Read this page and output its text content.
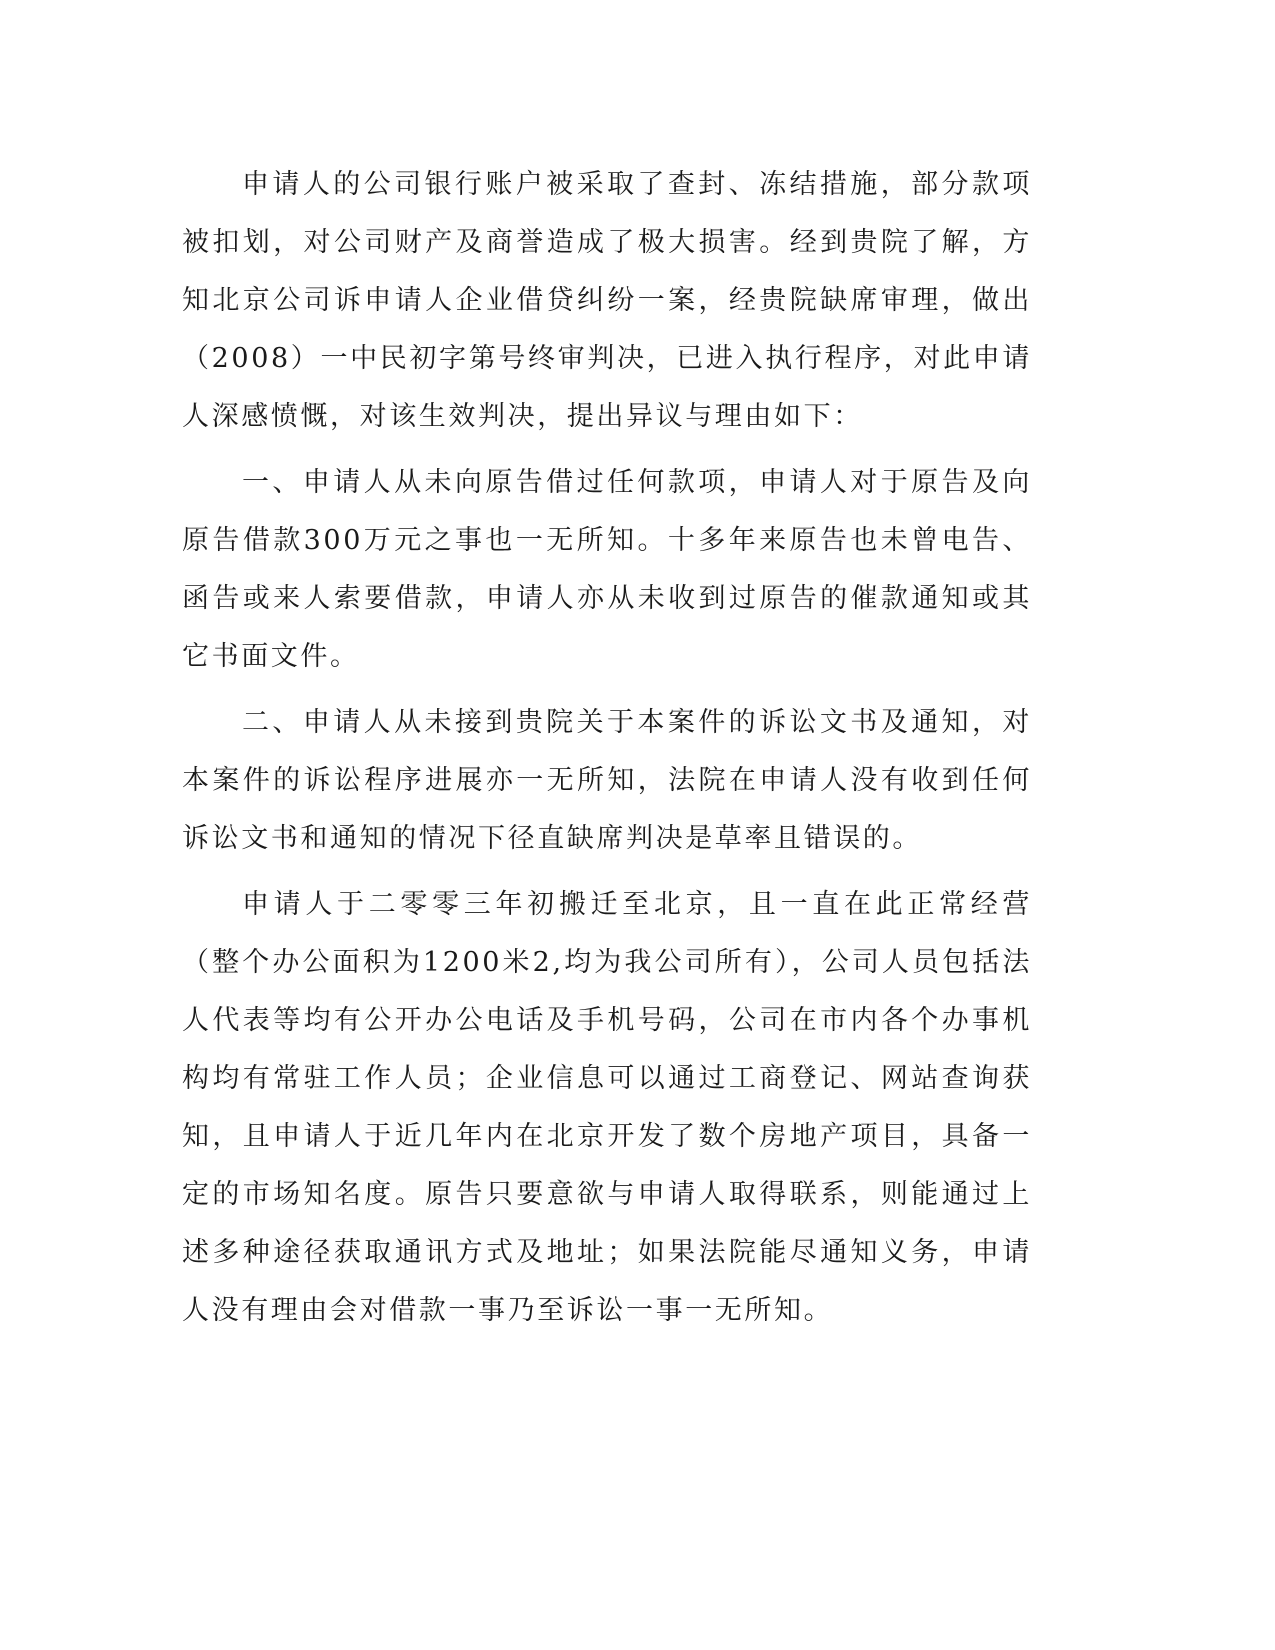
申请人的公司银行账户被采取了查封、冻结措施，部分款项被扣划，对公司财产及商誉造成了极大损害。经到贵院了解，方知北京公司诉申请人企业借贷纠纷一案，经贵院缺席审理，做出（2008）一中民初字第号终审判决，已进入执行程序，对此申请人深感愤慨，对该生效判决，提出异议与理由如下：

一、申请人从未向原告借过任何款项，申请人对于原告及向原告借款300万元之事也一无所知。十多年来原告也未曾电告、函告或来人索要借款，申请人亦从未收到过原告的催款通知或其它书面文件。

二、申请人从未接到贵院关于本案件的诉讼文书及通知，对本案件的诉讼程序进展亦一无所知，法院在申请人没有收到任何诉讼文书和通知的情况下径直缺席判决是草率且错误的。

申请人于二零零三年初搬迁至北京，且一直在此正常经营（整个办公面积为1200米2,均为我公司所有），公司人员包括法人代表等均有公开办公电话及手机号码，公司在市内各个办事机构均有常驻工作人员；企业信息可以通过工商登记、网站查询获知，且申请人于近几年内在北京开发了数个房地产项目，具备一定的市场知名度。原告只要意欲与申请人取得联系，则能通过上述多种途径获取通讯方式及地址；如果法院能尽通知义务，申请人没有理由会对借款一事乃至诉讼一事一无所知。
